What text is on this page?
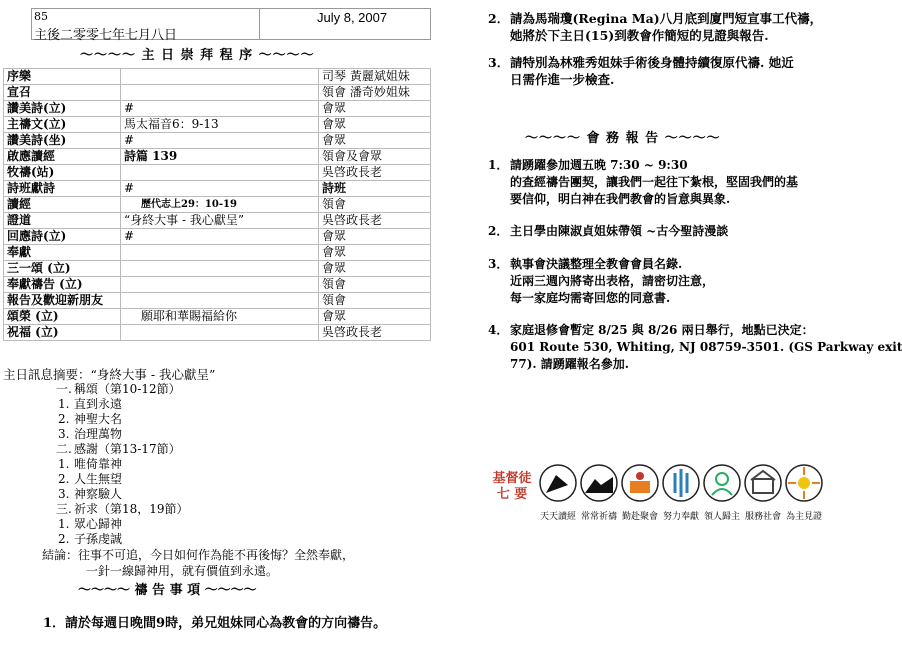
85
主後二零零七年七月八日
July 8, 2007
～～～～ 主 日 崇 拜 程 序 ～～～～
序樂		司琴 黃麗斌姐妹
宣召		領會 潘奇妙姐妹
讚美詩(立)	#	會眾
主禱文(立)	馬太福音6：9-13	會眾
讚美詩(坐)	#	會眾
啟應讀經	詩篇 139	領會及會眾
牧禱(站)		吳啓政長老
詩班獻詩	#	詩班
讀經	歷代志上29：10-19	領會
證道	“身終大事 - 我心獻呈”	吳啓政長老
回應詩(立)	#	會眾
奉獻		會眾
三一頌 (立)		會眾
奉獻禱告 (立)		領會
報告及歡迎新朋友		領會
頌榮 (立)	願耶和華賜福給你	會眾
祝福 (立)		吳啓政長老
主日訊息摘要：“身終大事 - 我心獻呈”
一. 稱頌（第10-12節）
1. 直到永遠
2. 神聖大名
3. 治理萬物
二. 感謝（第13-17節）
1. 唯倚靠神
2. 人生無望
3. 神察驗人
三. 祈求（第18，19節）
1. 眾心歸神
2. 子孫虔誠
結論：往事不可追，今日如何作為能不再後悔？全然奉獻，
一針一線歸神用，就有價值到永遠。
～～～～ 禱 告 事 項 ～～～～
1．請於每週日晚間9時，弟兄姐妹同心為教會的方向禱告。
2． 請為馬瑞瓊(Regina Ma)八月底到廈門短宣事工代禱，
她將於下主日(15)到教會作簡短的見證與報告.
3． 請特別為林雅秀姐妹手術後身體持續復原代禱. 她近
日需作進一步檢查.
1． 請踴躍參加週五晚 7:30 ~ 9:30
的查經禱告團契，讓我們一起往下紮根，堅固我們的基
要信仰，明白神在我們教會的旨意與異象.
2． 主日學由陳淑貞姐妹帶領 ~古今聖詩漫談
3． 執事會決議整理全教會會員名錄.
近兩三週內將寄出表格，請密切注意，
每一家庭均需寄回您的同意書.
4． 家庭退修會暫定 8/25 與 8/26 兩日舉行，地點已決定：
601 Route 530, Whiting, NJ 08759-3501. (GS Parkway exit
77). 請踴躍報名參加.
～～～～ 會 務 報 告 ～～～～
基督徒
七 要
天天讀經 常常祈禱 勤赴聚會 努力奉獻 領人歸主 服務社會 為主見證
